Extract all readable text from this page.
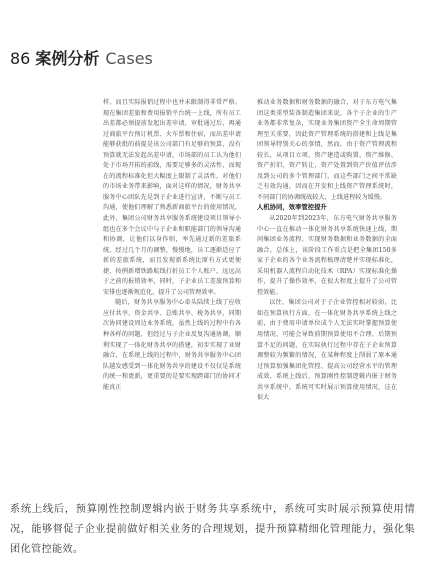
86 案例分析 Cases

样。而且实际报销过程中也并未限制得非常严格。现在集团差旅和费用报销平台统一上线，所有员工出差都必须提前发起出差申请，审批通过后，再通过商旅平台预订机票、火车票和住宿，而出差申请能够获批的前提是该公司部门有足够的预算，没有预算就无法发起出差申请，市场部的员工认为他们处于市场开拓的前线，需要足够多的灵活性，而现在的流程标准化但大幅度上限制了灵活性，对他们的市场业务带来影响，面对这样的情况，财务共享服务中心团队先是到子企业进行宣讲，不断与员工沟通，使他们理解了熟悉新商旅平台的使用情况，此外，集团公司财务共享服务系统建设项目领导小组也在多个会议中与子企业和职能部门的领导沟通和协调，让他们以身作则，率先通过新的差旅系统，经过几个月的调整，慢慢地，员工逐渐适应了新的差旅系统，而且发现新系统比原有方式更便捷，按例新增铁路航线打折员工个人账户，远远高于之前的报销效率，同时，子企业员工差旅预算和安排也逐渐规范化，提升了公司管理效率。

随后，财务共享服务中心牵头陆续上线了应收应付共享、资金共享、总账共享、税务共享，同期次协同建设周边业务系统，虽然上线的过程中有各种各样的问题，但经过与子企业反复沟通协调，顺利实现了一体化财务共享的搭建，初步实现了业财融合，在系统上线的过程中，财务共享服务中心团队越发感受到一体化财务共享的建设不仅仅是系统的统一和更新，更重要的是要实现跨部门的协同才能真正

推动业务数据和财务数据的融合，对于东方电气集团这类重型装备制造集团来说，各个子企业的生产业务都非常复杂，实现业务集团资产全生命周期管理至关重要，因此资产管理系统的搭建和上线是集团领导特别关心的事情，然而，由于资产管理流程较长，从项目立项、资产建造或购置、资产维修、资产折旧、资产转让，资产处置到资产价值评估涉及到公司的多个管理部门，而这些部门之间平常缺乏有效沟通，因而在开发和上线资产管理系统时，不同部门的协调统战较大，上线进程较为缓慢。

人机协同，效率管控提升

从2020年到2023年，东方电气财务共享服务中心一直在推动一体化财务共享系统快速上线，期间集团业务流程、实现财务数据和业务数据的全面融合，总体上，该阶段工作重点是把全集团150多家子企业的各个业务流程梳理清楚并实现标准化，采用机器人流程自动化技术（RPA）实现标准化操作，提升了操作效率，在很大程度上提升了公司管控效能。

以往，集团公司对于子企业管控相对较弱，比如在预算执行方面，在一体化财务共享系统上线之前，由于费用申请单位成个人无法实时掌握预算使用情况，可能会导致前期预算使用不合理、后期预算不足的问题，在实际执行过程中存在子企业预算调整较为频繁的情况，在某种程度上削弱了原本通过预算加强集团化管控、提高公司经营水平的管理成效，系统上线后，预算刚性控制逻辑内嵌于财务共享系统中，系统可实时展示预算使用情况，这在很大

系统上线后，预算刚性控制逻辑内嵌于财务共享系统中，系统可实时展示预算使用情况，能够督促子企业提前做好相关业务的合理规划，提升预算精细化管理能力，强化集团化管控能效。
